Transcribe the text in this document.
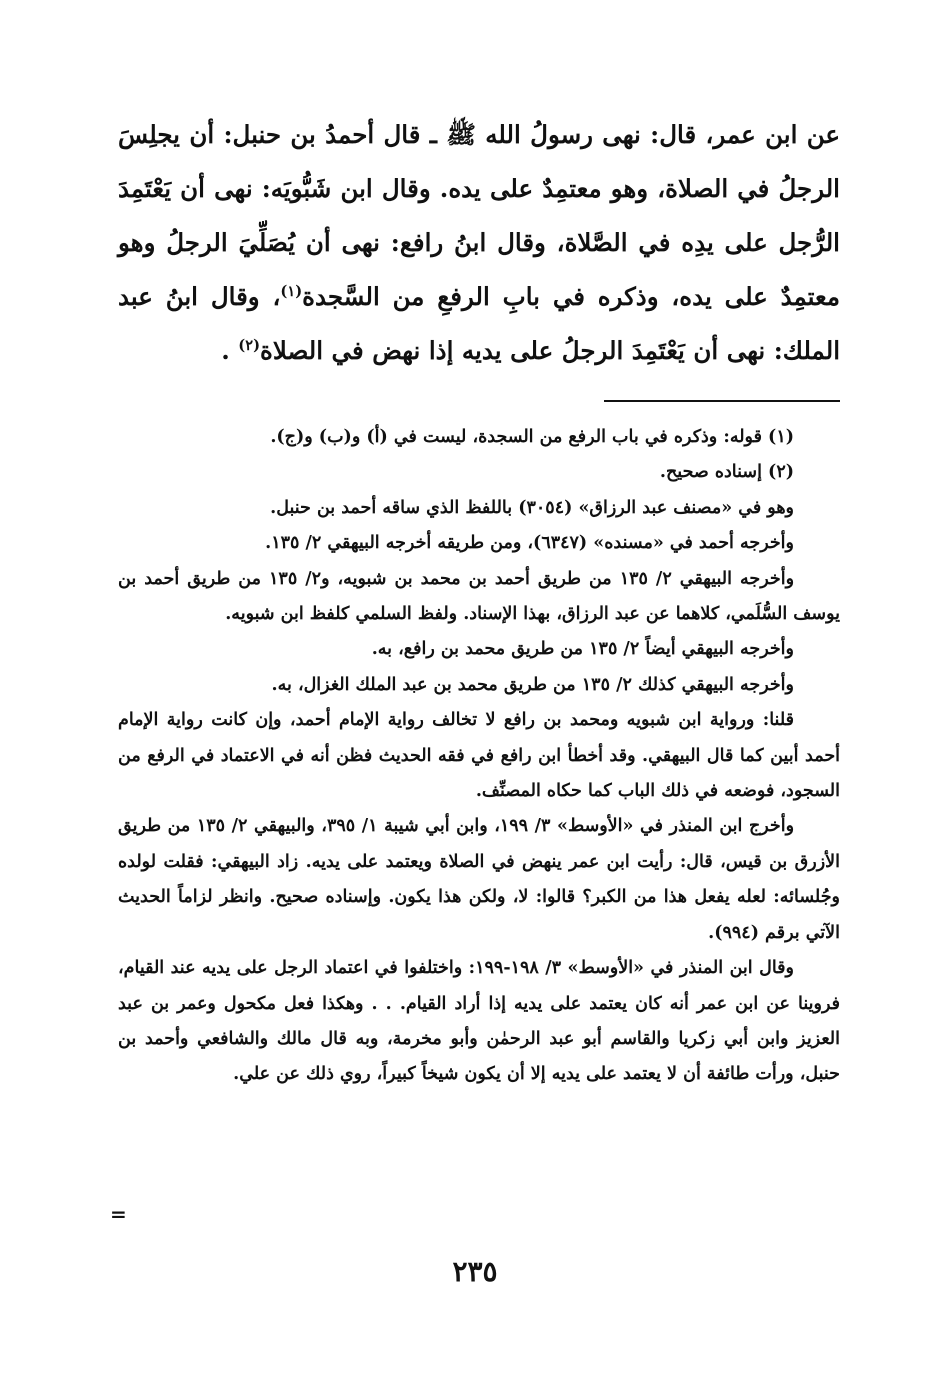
عن ابن عمر، قال: نهى رسولُ الله ﷺ ـ قال أحمدُ بن حنبل: أن يجلِسَ الرجلُ في الصلاة، وهو معتمِدٌ على يده. وقال ابن شَبُّويَه: نهى أن يَعْتَمِدَ الرُّجل على يدِه في الصَّلاة، وقال ابنُ رافع: نهى أن يُصَلِّيَ الرجلُ وهو معتمِدٌ على يده، وذكره في بابِ الرفعِ من السَّجدة$^{(١)}$، وقال ابنُ عبد الملك: نهى أن يَعْتَمِدَ الرجلُ على يديه إذا نهض في الصلاة$^{(٢)}$ .

(١) قوله: وذكره في باب الرفع من السجدة، ليست في (أ) و(ب) و(ج).

(٢) إسناده صحيح.

وهو في «مصنف عبد الرزاق» (٣٠٥٤) باللفظ الذي ساقه أحمد بن حنبل.

وأخرجه أحمد في «مسنده» (٦٣٤٧)، ومن طريقه أخرجه البيهقي ٢/ ١٣٥.

وأخرجه البيهقي ٢/ ١٣٥ من طريق أحمد بن محمد بن شبويه، و٢/ ١٣٥ من طريق أحمد بن يوسف السُّلَمي، كلاهما عن عبد الرزاق، بهذا الإسناد. ولفظ السلمي كلفظ ابن شبويه.

وأخرجه البيهقي أيضاً ٢/ ١٣٥ من طريق محمد بن رافع، به.

وأخرجه البيهقي كذلك ٢/ ١٣٥ من طريق محمد بن عبد الملك الغزال، به.

قلنا: ورواية ابن شبويه ومحمد بن رافع لا تخالف رواية الإمام أحمد، وإن كانت رواية الإمام أحمد أبين كما قال البيهقي. وقد أخطأ ابن رافع في فقه الحديث فظن أنه في الاعتماد في الرفع من السجود، فوضعه في ذلك الباب كما حكاه المصنِّف.

وأخرج ابن المنذر في «الأوسط» ٣/ ١٩٩، وابن أبي شيبة ١/ ٣٩٥، والبيهقي ٢/ ١٣٥ من طريق الأزرق بن قيس، قال: رأيت ابن عمر ينهض في الصلاة ويعتمد على يديه. زاد البيهقي: فقلت لولده وجُلسائه: لعله يفعل هذا من الكبر؟ قالوا: لا، ولكن هذا يكون. وإسناده صحيح. وانظر لزاماً الحديث الآتي برقم (٩٩٤).

وقال ابن المنذر في «الأوسط» ٣/ ١٩٨-١٩٩: واختلفوا في اعتماد الرجل على يديه عند القيام، فروينا عن ابن عمر أنه كان يعتمد على يديه إذا أراد القيام. . . وهكذا فعل مكحول وعمر بن عبد العزيز وابن أبي زكريا والقاسم أبو عبد الرحمٰن وأبو مخرمة، وبه قال مالك والشافعي وأحمد بن حنبل، ورأت طائفة أن لا يعتمد على يديه إلا أن يكون شيخاً كبيراً، روي ذلك عن علي.

=
٢٣٥
